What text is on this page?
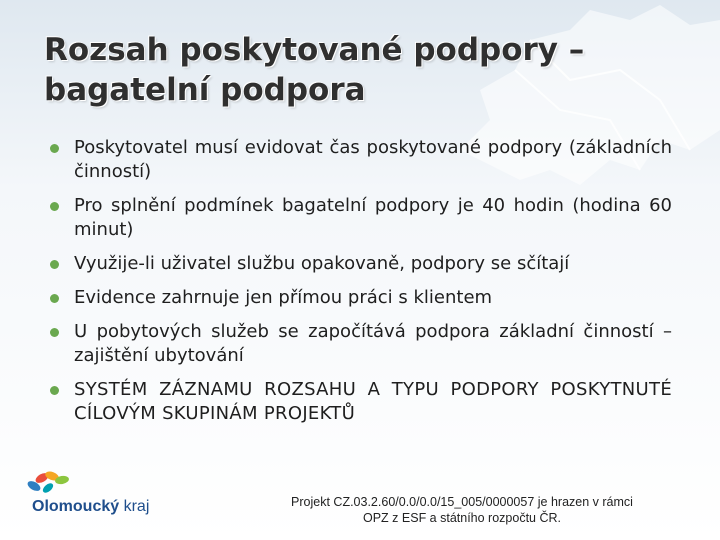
Rozsah poskytované podpory – bagatelní podpora
Poskytovatel musí evidovat čas poskytované podpory (základních činností)
Pro splnění podmínek bagatelní podpory je 40 hodin (hodina 60 minut)
Využije-li uživatel službu opakovaně, podpory se sčítají
Evidence zahrnuje jen přímou práci s klientem
U pobytových služeb se započítává podpora základní činností – zajištění ubytování
SYSTÉM ZÁZNAMU ROZSAHU A TYPU PODPORY POSKYTNUTÉ CÍLOVÝM SKUPINÁM PROJEKTŮ
Olomoucký kraj	Projekt CZ.03.2.60/0.0/0.0/15_005/0000057 je hrazen v rámci
OPZ z ESF a státního rozpočtu ČR.
